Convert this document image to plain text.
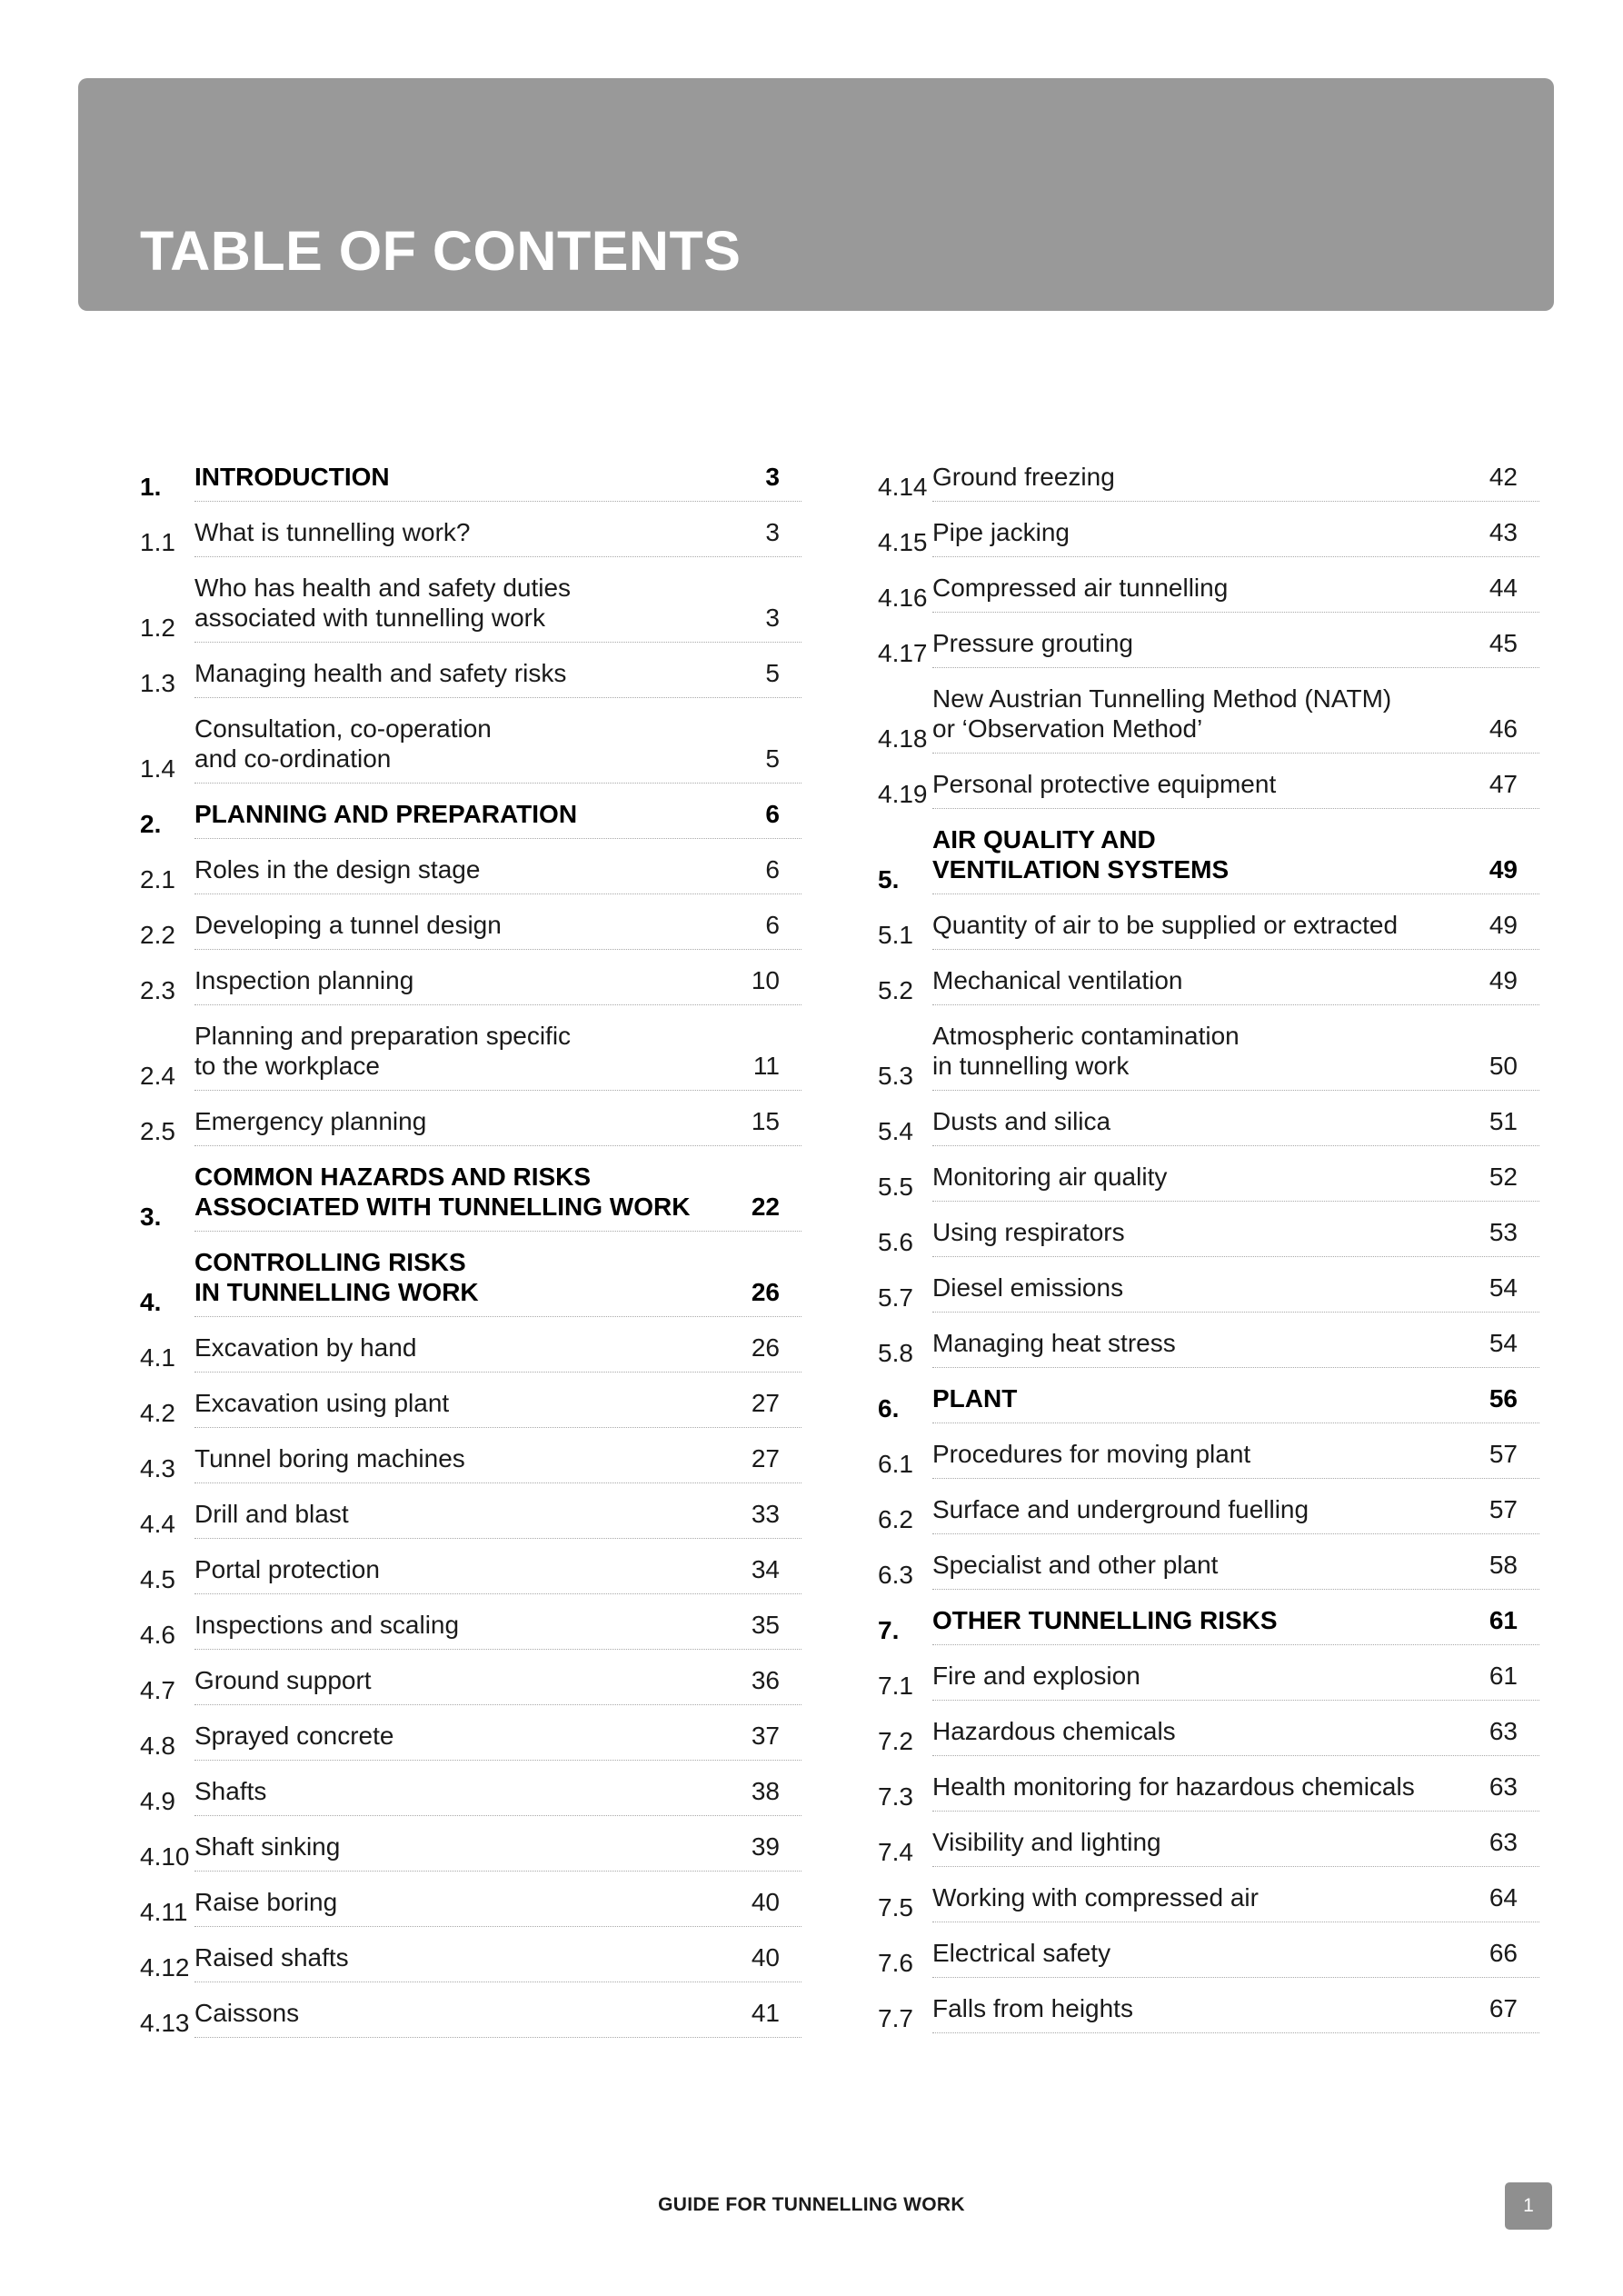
TABLE OF CONTENTS
1.	INTRODUCTION	3
1.1 What is tunnelling work?	3
1.2
Who has health and safety duties
associated with tunnelling work	3
1.3 Managing health and safety risks	5
1.4
Consultation, co-operation
and co-ordination	5
2.	PLANNING AND PREPARATION	6
2.1 Roles in the design stage	6
2.2 Developing a tunnel design	6
2.3 Inspection planning	10
2.4
Planning and preparation specific
to the workplace	11
2.5 Emergency planning	15
3.
COMMON HAZARDS AND RISKS
ASSOCIATED WITH TUNNELLING WORK	22
4.
CONTROLLING RISKS
IN TUNNELLING WORK	26
4.1 Excavation by hand	26
4.2 Excavation using plant	27
4.3 Tunnel boring machines	27
4.4 Drill and blast	33
4.5 Portal protection	34
4.6 Inspections and scaling	35
4.7 Ground support	36
4.8 Sprayed concrete	37
4.9 Shafts	38
4.10 Shaft sinking	39
4.11 Raise boring	40
4.12 Raised shafts	40
4.13 Caissons	41
4.14 Ground freezing	42
4.15 Pipe jacking	43
4.16 Compressed air tunnelling	44
4.17 Pressure grouting	45
4.18
New Austrian Tunnelling Method (NATM)
or ‘Observation Method’	46
4.19 Personal protective equipment	47
5.
AIR QUALITY AND
VENTILATION SYSTEMS	49
5.1 Quantity of air to be supplied or extracted	49
5.2 Mechanical ventilation	49
5.3
Atmospheric contamination
in tunnelling work	50
5.4 Dusts and silica	51
5.5 Monitoring air quality	52
5.6 Using respirators	53
5.7 Diesel emissions	54
5.8 Managing heat stress	54
6.	PLANT	56
6.1 Procedures for moving plant	57
6.2 Surface and underground fuelling	57
6.3 Specialist and other plant	58
7.	OTHER TUNNELLING RISKS	61
7.1 Fire and explosion	61
7.2 Hazardous chemicals	63
7.3 Health monitoring for hazardous chemicals	63
7.4 Visibility and lighting	63
7.5 Working with compressed air	64
7.6 Electrical safety	66
7.7 Falls from heights	67
GUIDE FOR TUNNELLING WORK	1
